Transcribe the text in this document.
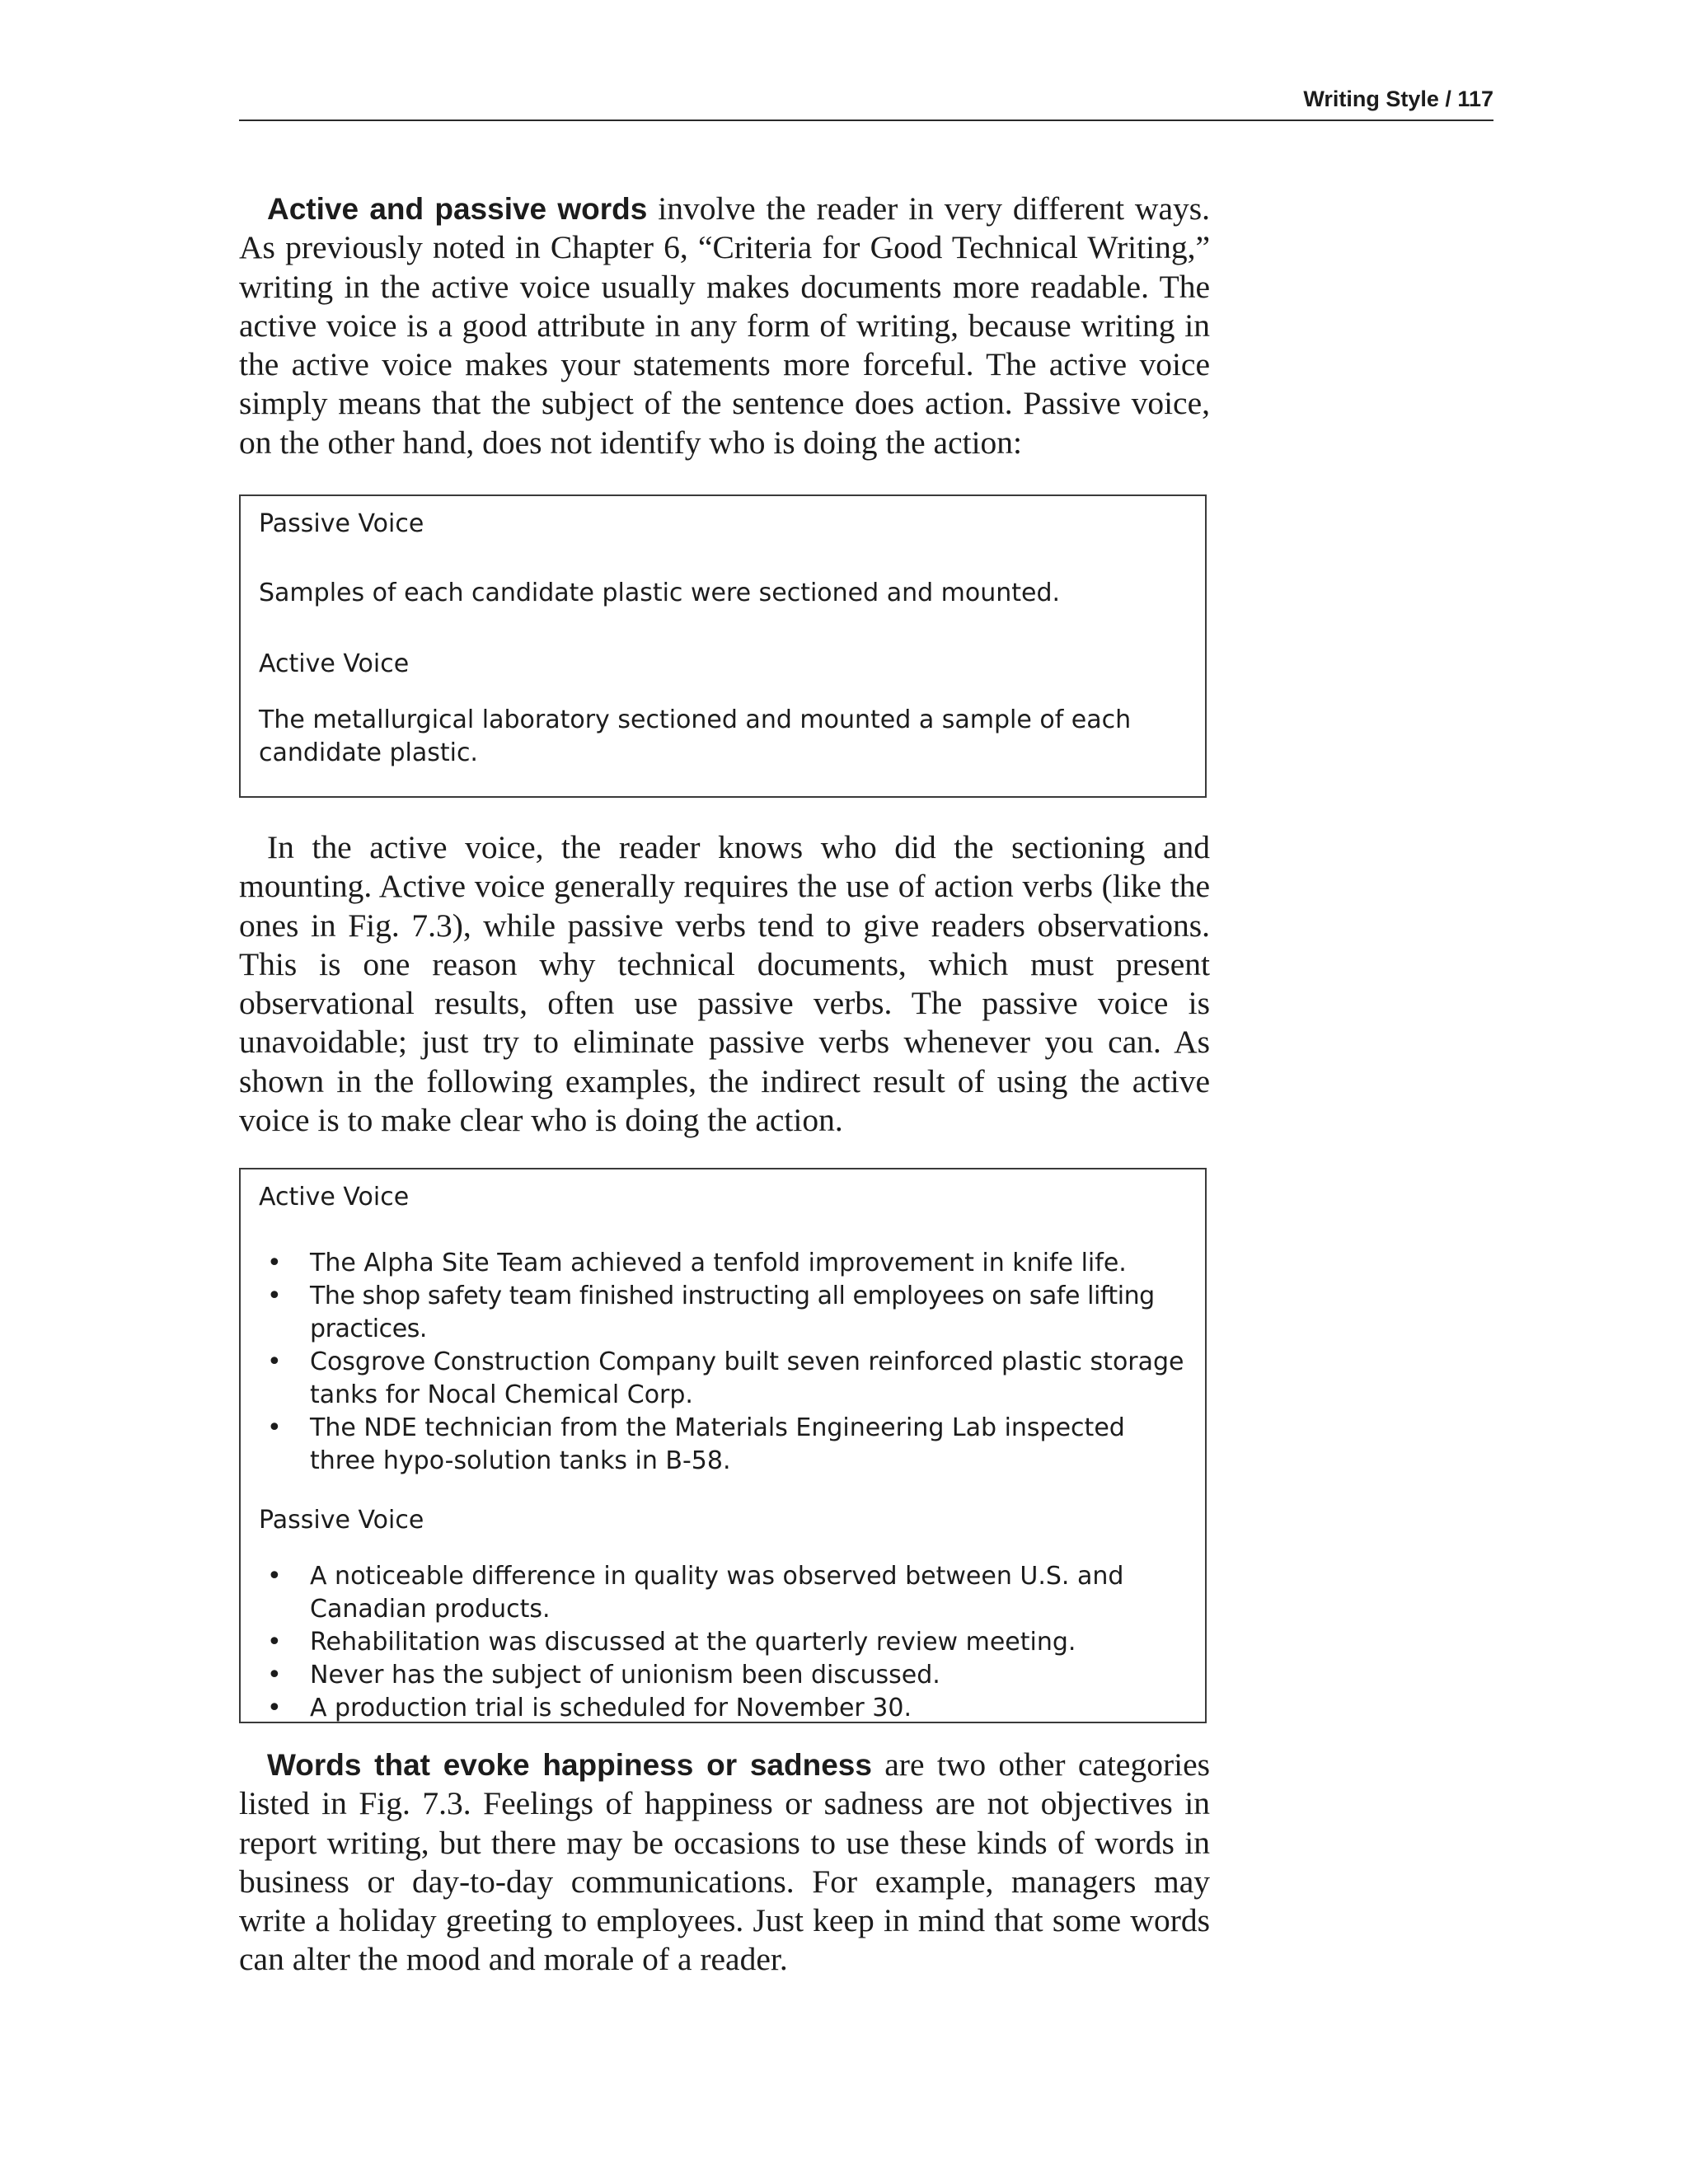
Writing Style / 117

Active and passive words involve the reader in very different ways. As previously noted in Chapter 6, “Criteria for Good Technical Writing,” writing in the active voice usually makes documents more readable. The active voice is a good attribute in any form of writing, because writing in the active voice makes your statements more forceful. The active voice simply means that the subject of the sentence does action. Passive voice, on the other hand, does not identify who is doing the action:

Passive Voice

Samples of each candidate plastic were sectioned and mounted.

Active Voice

The metallurgical laboratory sectioned and mounted a sample of each candidate plastic.

In the active voice, the reader knows who did the sectioning and mounting. Active voice generally requires the use of action verbs (like the ones in Fig. 7.3), while passive verbs tend to give readers observations. This is one reason why technical documents, which must present observational results, often use passive verbs. The passive voice is unavoidable; just try to eliminate passive verbs whenever you can. As shown in the following examples, the indirect result of using the active voice is to make clear who is doing the action.

Active Voice

• The Alpha Site Team achieved a tenfold improvement in knife life.
• The shop safety team finished instructing all employees on safe lifting practices.
• Cosgrove Construction Company built seven reinforced plastic storage tanks for Nocal Chemical Corp.
• The NDE technician from the Materials Engineering Lab inspected three hypo-solution tanks in B-58.

Passive Voice

• A noticeable difference in quality was observed between U.S. and Canadian products.
• Rehabilitation was discussed at the quarterly review meeting.
• Never has the subject of unionism been discussed.
• A production trial is scheduled for November 30.

Words that evoke happiness or sadness are two other categories listed in Fig. 7.3. Feelings of happiness or sadness are not objectives in report writing, but there may be occasions to use these kinds of words in business or day-to-day communications. For example, managers may write a holiday greeting to employees. Just keep in mind that some words can alter the mood and morale of a reader.
